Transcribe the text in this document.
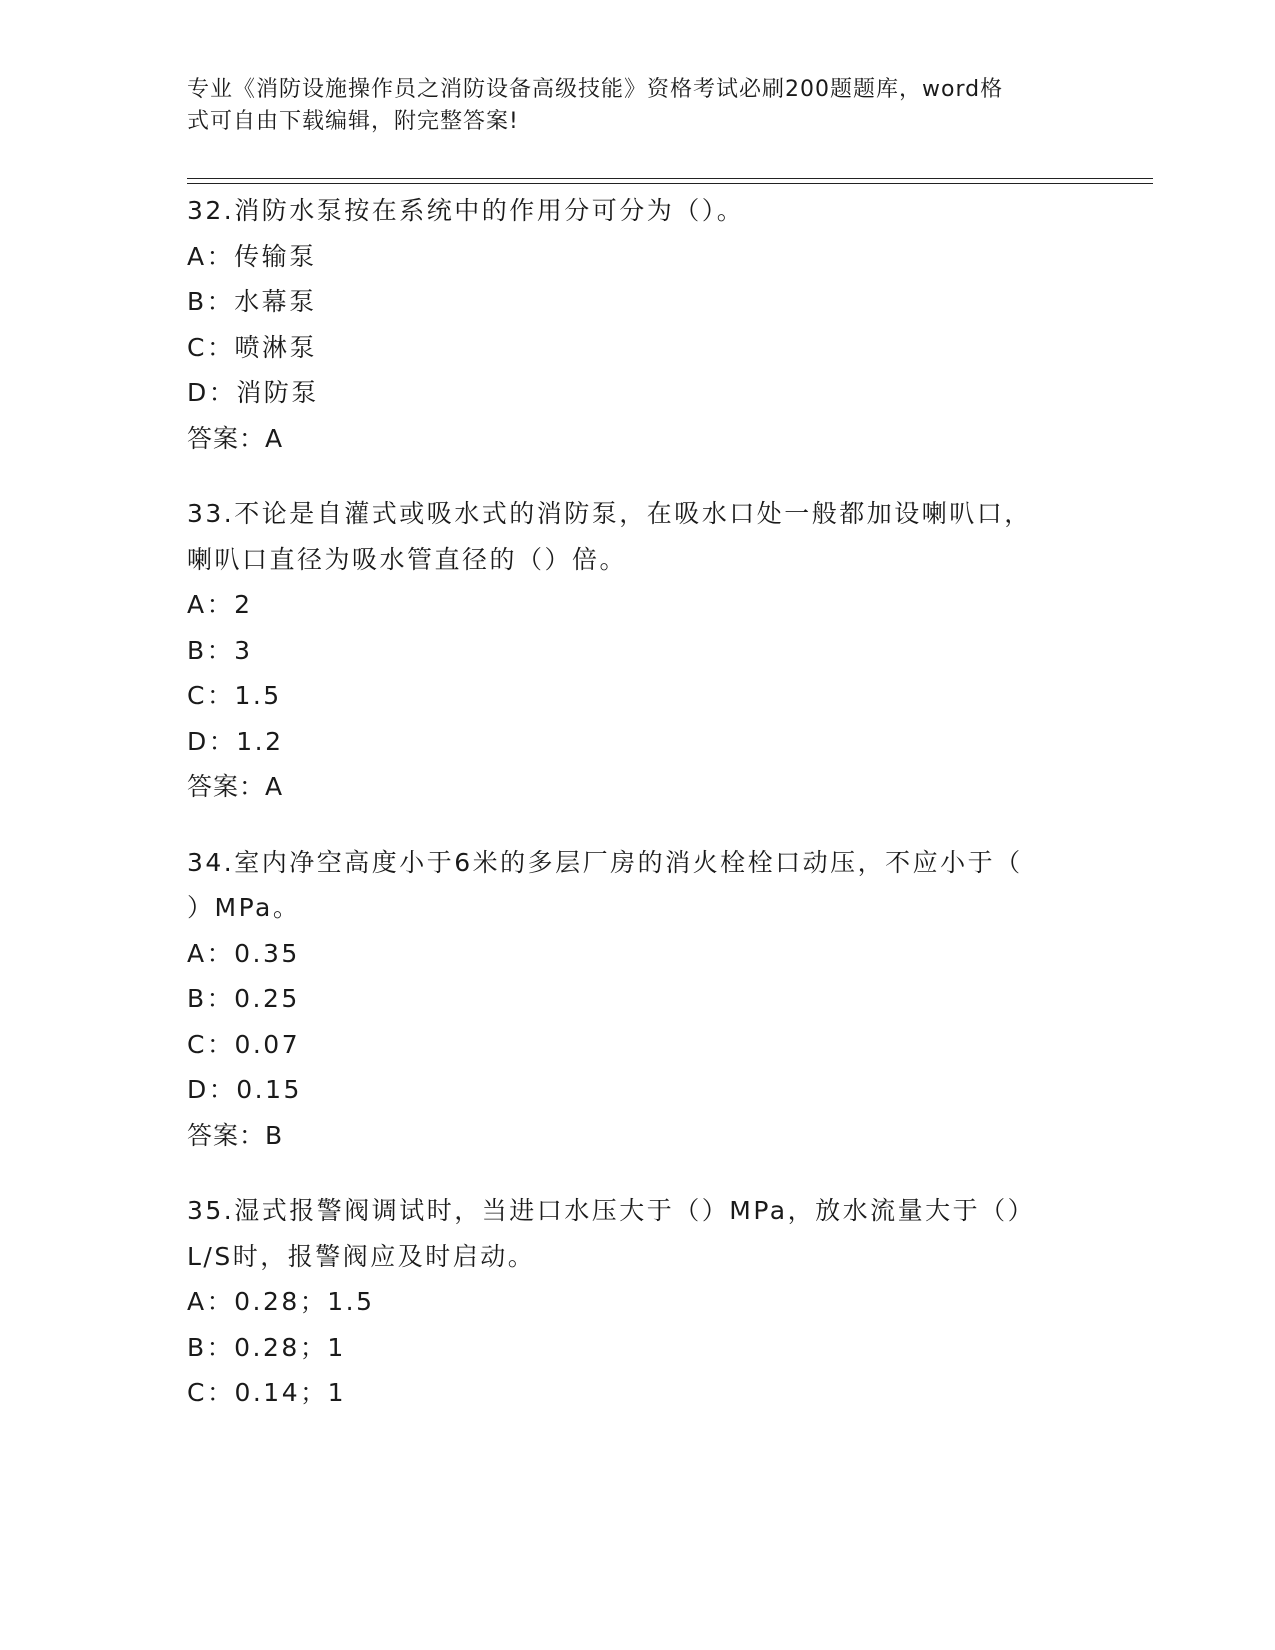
专业《消防设施操作员之消防设备高级技能》资格考试必刷200题题库，word格
式可自由下载编辑，附完整答案!
32.消防水泵按在系统中的作用分可分为（）。
A：传输泵
B：水幕泵
C：喷淋泵
D：消防泵
答案：A
33.不论是自灌式或吸水式的消防泵，在吸水口处一般都加设喇叭口，
喇叭口直径为吸水管直径的（）倍。
A：2
B：3
C：1.5
D：1.2
答案：A
34.室内净空高度小于6米的多层厂房的消火栓栓口动压，不应小于（
）MPa。
A：0.35
B：0.25
C：0.07
D：0.15
答案：B
35.湿式报警阀调试时，当进口水压大于（）MPa，放水流量大于（）
L/S时，报警阀应及时启动。
A：0.28；1.5
B：0.28；1
C：0.14；1
